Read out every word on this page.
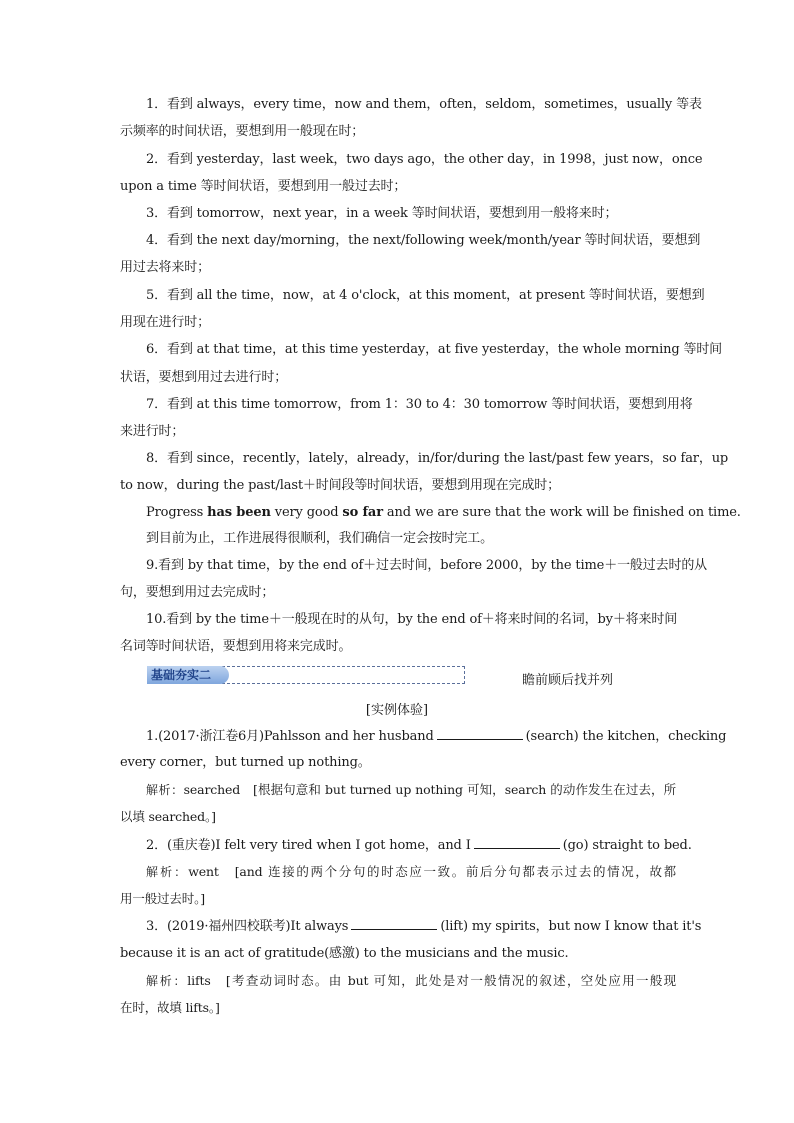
1．看到 always，every time，now and them，often，seldom，sometimes，usually 等表
示频率的时间状语，要想到用一般现在时；
2．看到 yesterday，last week，two days ago，the other day，in 1998，just now，once
upon a time 等时间状语，要想到用一般过去时；
3．看到 tomorrow，next year，in a week 等时间状语，要想到用一般将来时；
4．看到 the next day/morning，the next/following week/month/year 等时间状语，要想到
用过去将来时；
5．看到 all the time，now，at 4 o'clock，at this moment，at present 等时间状语，要想到
用现在进行时；
6．看到 at that time，at this time yesterday，at five yesterday，the whole morning 等时间
状语，要想到用过去进行时；
7．看到 at this time tomorrow，from 1：30 to 4：30 tomorrow 等时间状语，要想到用将
来进行时；
8．看到 since，recently，lately，already，in/for/during the last/past few years，so far，up
to now，during the past/last＋时间段等时间状语，要想到用现在完成时；
Progress has been very good so far and we are sure that the work will be finished on time.
到目前为止，工作进展得很顺利，我们确信一定会按时完工。
9.看到 by that time，by the end of＋过去时间，before 2000，by the time＋一般过去时的从
句，要想到用过去完成时；
10.看到 by the time＋一般现在时的从句，by the end of＋将来时间的名词，by＋将来时间
名词等时间状语，要想到用将来完成时。
基础夯实二	瞻前顾后找并列
[实例体验]
1.(2017·浙江卷6月)Pahlsson and her husband	(search) the kitchen，checking
every corner，but turned up nothing。
解析：searched　[根据句意和 but turned up nothing 可知，search 的动作发生在过去，所
以填 searched。]
2．(重庆卷)I felt very tired when I got home，and I	(go) straight to bed.
解析：went　[and 连接的两个分句的时态应一致。前后分句都表示过去的情况，故都
用一般过去时。]
3．(2019·福州四校联考)It always	(lift) my spirits，but now I know that it's
because it is an act of gratitude(感激) to the musicians and the music.
解析：lifts　[考查动词时态。由 but 可知，此处是对一般情况的叙述，空处应用一般现
在时，故填 lifts。]
